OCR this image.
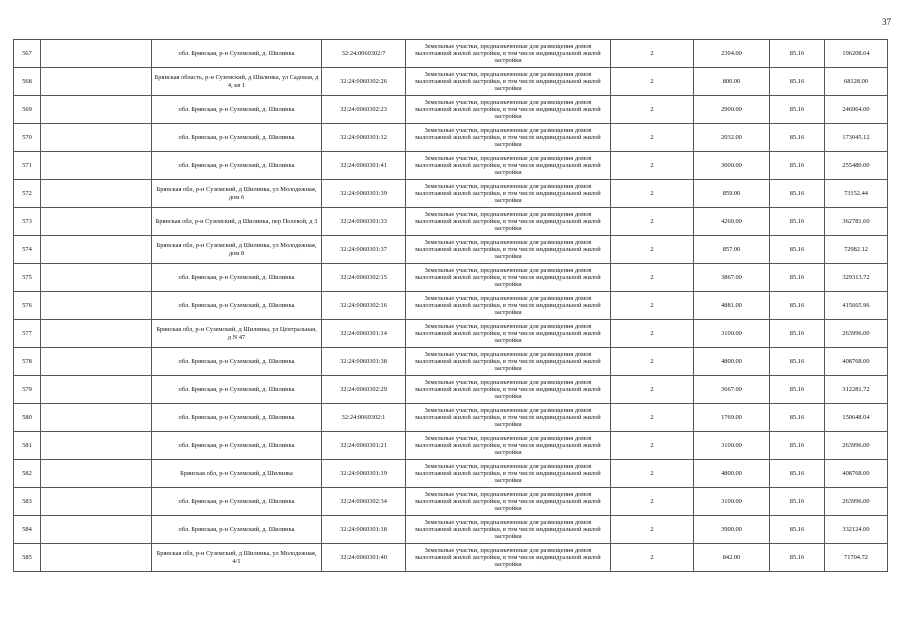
37
567		обл. Брянская, р-н Суземский, д. Шилинка	32:24:0060302:7	Земельные участки, предназначенные для размещения домов малоэтажной жилой застройки, в том числе индивидуальной жилой застройки	2	2304.00	85.16	196208.64
568		Брянская область, р-н Суземский, д Шилинка, ул Садовая, д 4, кв 1	32:24:0060302:26	Земельные участки, предназначенные для размещения домов малоэтажной жилой застройки, в том числе индивидуальной жилой застройки	2	800.00	85.16	68128.00
569		обл. Брянская, р-н Суземский, д. Шилинка	32:24:0060302:23	Земельные участки, предназначенные для размещения домов малоэтажной жилой застройки, в том числе индивидуальной жилой застройки	2	2900.00	85.16	246964.00
570		обл. Брянская, р-н Суземский, д. Шилинка	32:24:0060301:12	Земельные участки, предназначенные для размещения домов малоэтажной жилой застройки, в том числе индивидуальной жилой застройки	2	2032.00	85.16	173045.12
571		обл. Брянская, р-н Суземский, д. Шилинка	32:24:0060301:41	Земельные участки, предназначенные для размещения домов малоэтажной жилой застройки, в том числе индивидуальной жилой застройки	2	3000.00	85.16	255480.00
572		Брянская обл, р-н Суземский, д Шилинка, ул Молодежная, дом 6	32:24:0060301:39	Земельные участки, предназначенные для размещения домов малоэтажной жилой застройки, в том числе индивидуальной жилой застройки	2	859.00	85.16	73152.44
573		Брянская обл, р-н Суземский, д Шилинка, пер Полевой, д 3	32:24:0060301:33	Земельные участки, предназначенные для размещения домов малоэтажной жилой застройки, в том числе индивидуальной жилой застройки	2	4260.00	85.16	362781.60
574		Брянская обл, р-н Суземский, д Шилинка, ул Молодежная, дом 8	32:24:0060301:37	Земельные участки, предназначенные для размещения домов малоэтажной жилой застройки, в том числе индивидуальной жилой застройки	2	857.00	85.16	72982.12
575		обл. Брянская, р-н Суземский, д. Шилинка	32:24:0060302:15	Земельные участки, предназначенные для размещения домов малоэтажной жилой застройки, в том числе индивидуальной жилой застройки	2	3867.00	85.16	329313.72
576		обл. Брянская, р-н Суземский, д. Шилинка	32:24:0060302:16	Земельные участки, предназначенные для размещения домов малоэтажной жилой застройки, в том числе индивидуальной жилой застройки	2	4881.00	85.16	415665.96
577		Брянская обл, р-н Суземский, д Шилинка, ул Центральная, д N 47	32:24:0060301:14	Земельные участки, предназначенные для размещения домов малоэтажной жилой застройки, в том числе индивидуальной жилой застройки	2	3100.00	85.16	263996.00
578		обл. Брянская, р-н Суземский, д. Шилинка	32:24:0060301:38	Земельные участки, предназначенные для размещения домов малоэтажной жилой застройки, в том числе индивидуальной жилой застройки	2	4800.00	85.16	408768.00
579		обл. Брянская, р-н Суземский, д. Шилинка	32:24:0060302:29	Земельные участки, предназначенные для размещения домов малоэтажной жилой застройки, в том числе индивидуальной жилой застройки	2	3667.00	85.16	312281.72
580		обл. Брянская, р-н Суземский, д. Шилинка	32:24:0060302:1	Земельные участки, предназначенные для размещения домов малоэтажной жилой застройки, в том числе индивидуальной жилой застройки	2	1769.00	85.16	150648.04
581		обл. Брянская, р-н Суземский, д. Шилинка	32:24:0060301:21	Земельные участки, предназначенные для размещения домов малоэтажной жилой застройки, в том числе индивидуальной жилой застройки	2	3100.00	85.16	263996.00
582		Брянская обл, р-н Суземский, д Шилинка	32:24:0060301:19	Земельные участки, предназначенные для размещения домов малоэтажной жилой застройки, в том числе индивидуальной жилой застройки	2	4800.00	85.16	408768.00
583		обл. Брянская, р-н Суземский, д. Шилинка	32:24:0060302:34	Земельные участки, предназначенные для размещения домов малоэтажной жилой застройки, в том числе индивидуальной жилой застройки	2	3100.00	85.16	263996.00
584		обл. Брянская, р-н Суземский, д. Шилинка	32:24:0060301:18	Земельные участки, предназначенные для размещения домов малоэтажной жилой застройки, в том числе индивидуальной жилой застройки	2	3900.00	85.16	332124.00
585		Брянская обл, р-н Суземский, д Шилинка, ул Молодежная, 4/1	32:24:0060301:40	Земельные участки, предназначенные для размещения домов малоэтажной жилой застройки, в том числе индивидуальной жилой застройки	2	842.00	85.16	71704.72
